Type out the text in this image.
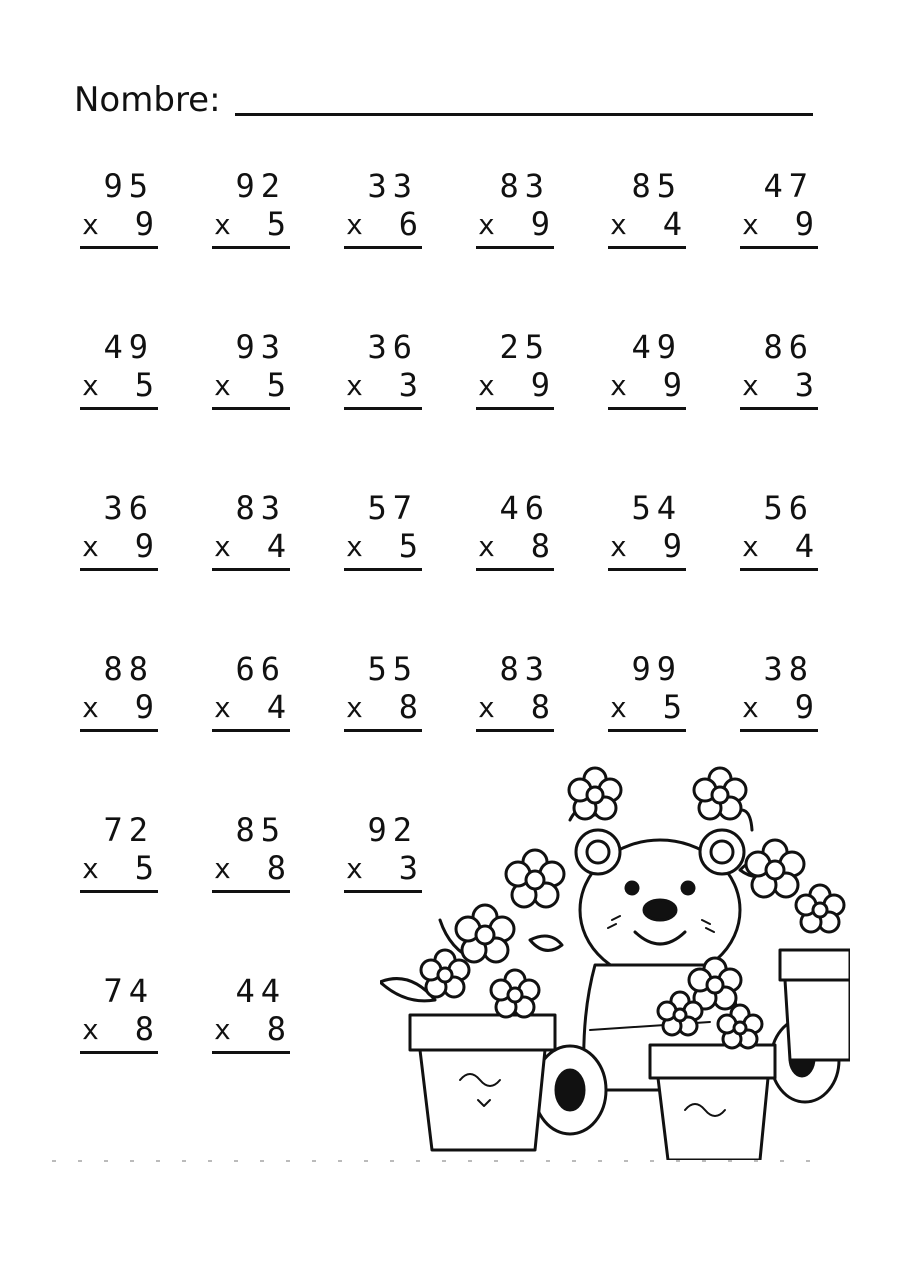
Nombre:
95
x 9
92
x 5
33
x 6
83
x 9
85
x 4
47
x 9
49
x 5
93
x 5
36
x 3
25
x 9
49
x 9
86
x 3
36
x 9
83
x 4
57
x 5
46
x 8
54
x 9
56
x 4
88
x 9
66
x 4
55
x 8
83
x 8
99
x 5
38
x 9
72
x 5
85
x 8
92
x 3
74
x 8
44
x 8
